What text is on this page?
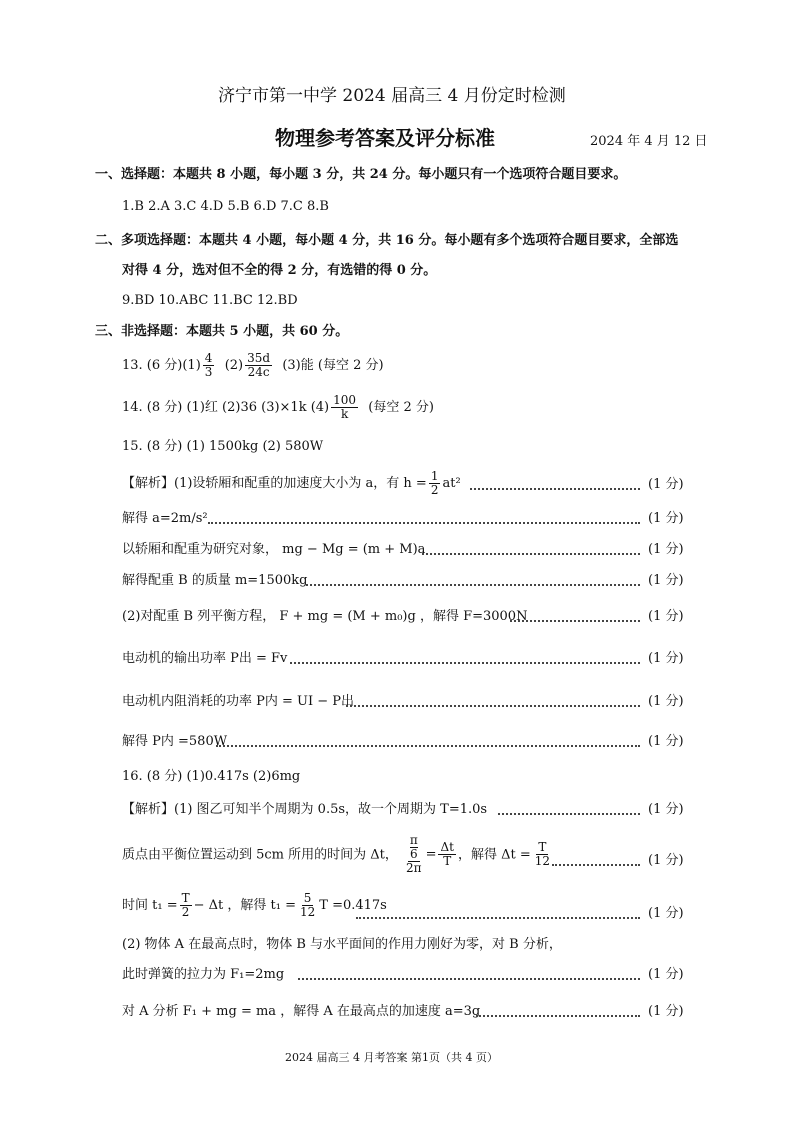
济宁市第一中学 2024 届高三 4 月份定时检测
物理参考答案及评分标准	2024 年 4 月 12 日
一、选择题：本题共 8 小题，每小题 3 分，共 24 分。每小题只有一个选项符合题目要求。
1.B 2.A 3.C 4.D 5.B 6.D 7.C 8.B
二、多项选择题：本题共 4 小题，每小题 4 分，共 16 分。每小题有多个选项符合题目要求，全部选
对得 4 分，选对但不全的得 2 分，有选错的得 0 分。
9.BD 10.ABC 11.BC 12.BD
三、非选择题：本题共 5 小题，共 60 分。
13. (6 分)$(1) \frac{4}{3} (2) \frac{35d}{24c} (3)$能 (每空 2 分)
14. (8 分) (1)红 (2)36 (3)×1k $(4) \frac{100}{k}$ (每空 2 分)
15. (8 分) (1) 1500kg (2) 580W
【解析】(1)设轿厢和配重的加速度大小为 a，有 $h = \frac{1}{2} at^2$	(1 分)
解得 a=2m/s²	(1 分)
以轿厢和配重为研究对象， mg − Mg = (m + M)a	(1 分)
解得配重 B 的质量 m=1500kg	(1 分)
(2)对配重 B 列平衡方程， F + mg = (M + m₀)g ，解得 F=3000N	(1 分)
电动机的输出功率 P出 = Fv	(1 分)
电动机内阻消耗的功率 P内 = UI − P出	(1 分)
解得 P内 =580W	(1 分)
16. (8 分) (1)0.417s (2)6mg
【解析】(1) 图乙可知半个周期为 0.5s，故一个周期为 T=1.0s	(1 分)
质点由平衡位置运动到 5cm 所用的时间为 Δt， π
6
$2\pi = \frac{\Delta t}{T}$ ，解得 $\Delta t = \frac{T}{12}$	(1 分)
时间 $t_1 = \frac{T}{2} - \Delta t$ ，解得 $t_1 = \frac{5}{12}$ T =0.417s
(1 分)
(2) 物体 A 在最高点时，物体 B 与水平面间的作用力刚好为零，对 B 分析，
此时弹簧的拉力为 F₁=2mg	(1 分)
对 A 分析 F₁ + mg = ma ，解得 A 在最高点的加速度 a=3g	(1 分)
2024 届高三 4 月考答案 第1页（共 4 页）
